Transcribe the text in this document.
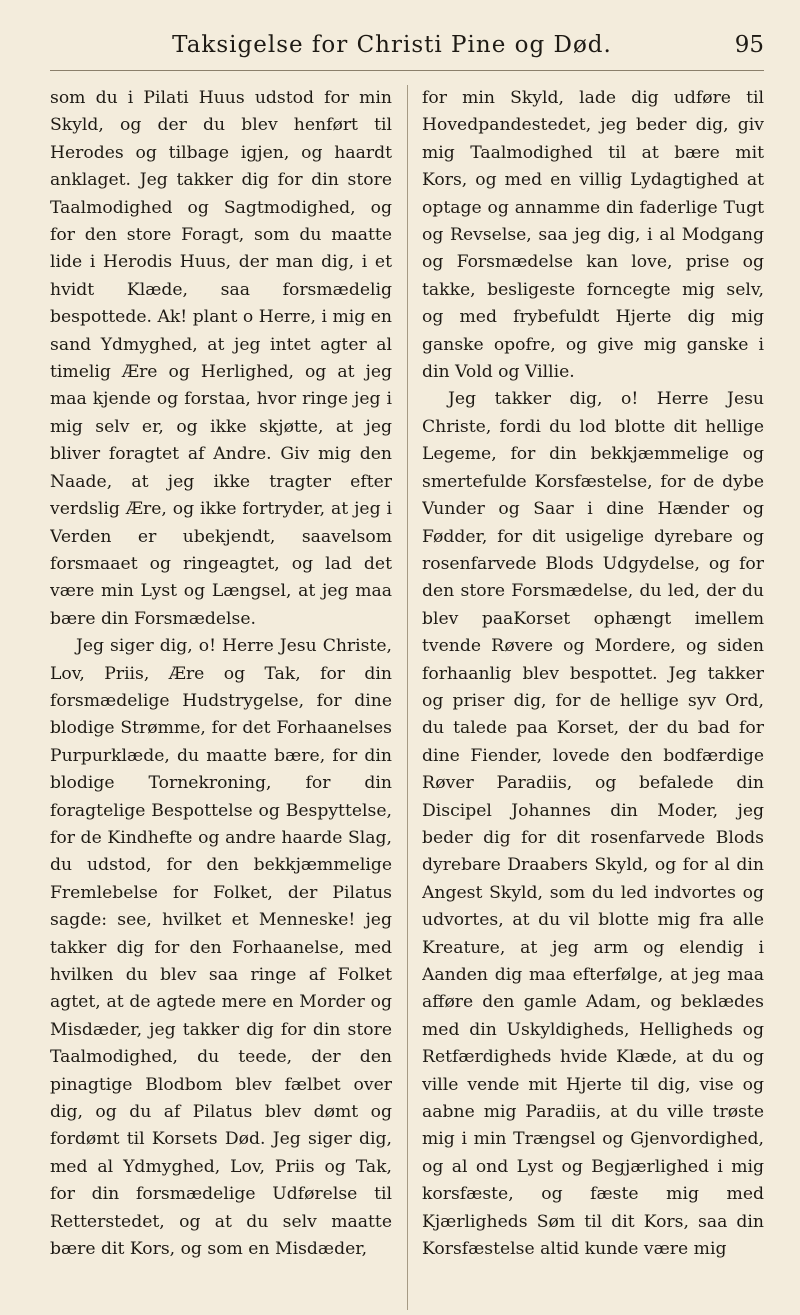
Taksigelse for Christi Pine og Død.	95

som du i Pilati Huus udstod for min Skyld, og der du blev henført til Herodes og tilbage igjen, og haardt anklaget. Jeg takker dig for din store Taalmodighed og Sagtmodighed, og for den store Foragt, som du maatte lide i Herodis Huus, der man dig, i et hvidt Klæde, saa forsmædelig bespottede. Ak! plant o Herre, i mig en sand Ydmyghed, at jeg intet agter al timelig Ære og Herlighed, og at jeg maa kjende og forstaa, hvor ringe jeg i mig selv er, og ikke skjøtte, at jeg bliver foragtet af Andre. Giv mig den Naade, at jeg ikke tragter efter verdslig Ære, og ikke fortryder, at jeg i Verden er ubekjendt, saavelsom forsmaaet og ringeagtet, og lad det være min Lyst og Længsel, at jeg maa bære din Forsmædelse.

Jeg siger dig, o! Herre Jesu Christe, Lov, Priis, Ære og Tak, for din forsmædelige Hudstrygelse, for dine blodige Strømme, for det Forhaanelses Purpurklæde, du maatte bære, for din blodige Tornekroning, for din foragtelige Bespottelse og Bespyttelse, for de Kindhefte og andre haarde Slag, du udstod, for den bekkjæmmelige Fremlebelse for Folket, der Pilatus sagde: see, hvilket et Menneske! jeg takker dig for den Forhaanelse, med hvilken du blev saa ringe af Folket agtet, at de agtede mere en Morder og Misdæder, jeg takker dig for din store Taalmodighed, du teede, der den pinagtige Blodbom blev fælbet over dig, og du af Pilatus blev dømt og fordømt til Korsets Død. Jeg siger dig, med al Ydmyghed, Lov, Priis og Tak, for din forsmædelige Udførelse til Retterstedet, og at du selv maatte bære dit Kors, og som en Misdæder,

for min Skyld, lade dig udføre til Hovedpandestedet, jeg beder dig, giv mig Taalmodighed til at bære mit Kors, og med en villig Lydagtighed at optage og annamme din faderlige Tugt og Revselse, saa jeg dig, i al Modgang og Forsmædelse kan love, prise og takke, besligeste forncegte mig selv, og med frybefuldt Hjerte dig mig ganske opofre, og give mig ganske i din Vold og Villie.

Jeg takker dig, o! Herre Jesu Christe, fordi du lod blotte dit hellige Legeme, for din bekkjæmmelige og smertefulde Korsfæstelse, for de dybe Vunder og Saar i dine Hænder og Fødder, for dit usigelige dyrebare og rosenfarvede Blods Udgydelse, og for den store Forsmædelse, du led, der du blev paaKorset ophængt imellem tvende Røvere og Mordere, og siden forhaanlig blev bespottet. Jeg takker og priser dig, for de hellige syv Ord, du talede paa Korset, der du bad for dine Fiender, lovede den bodfærdige Røver Paradiis, og befalede din Discipel Johannes din Moder, jeg beder dig for dit rosenfarvede Blods dyrebare Draabers Skyld, og for al din Angest Skyld, som du led indvortes og udvortes, at du vil blotte mig fra alle Kreature, at jeg arm og elendig i Aanden dig maa efterfølge, at jeg maa afføre den gamle Adam, og beklædes med din Uskyldigheds, Helligheds og Retfærdigheds hvide Klæde, at du og ville vende mit Hjerte til dig, vise og aabne mig Paradiis, at du ville trøste mig i min Trængsel og Gjenvordighed, og al ond Lyst og Begjærlighed i mig korsfæste, og fæste mig med Kjærligheds Søm til dit Kors, saa din Korsfæstelse altid kunde være mig
